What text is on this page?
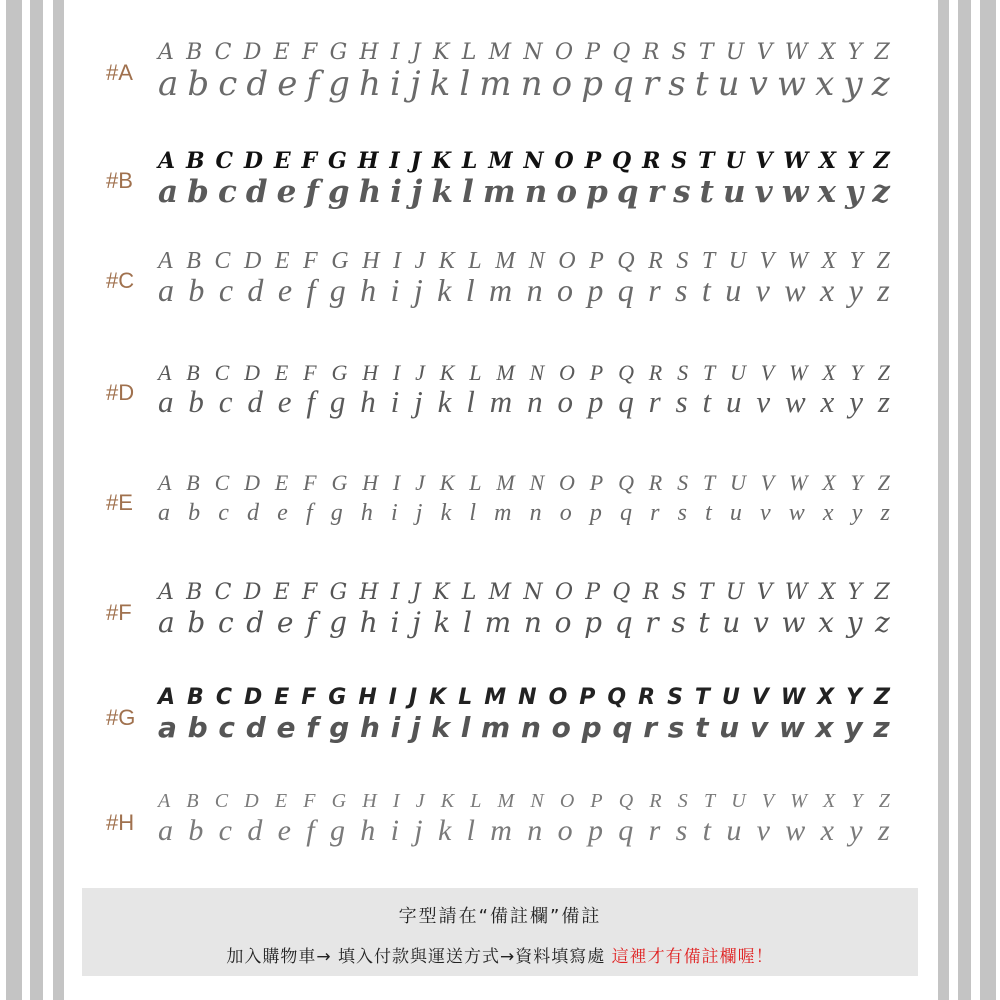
#A
A B C D E F G H I J K L M N O P Q R S T U V W X Y Z
a b c d e f g h i j k l m n o p q r s t u v w x y z
#B
A B C D E F G H I J K L M N O P Q R S T U V W X Y Z
a b c d e f g h i j k l m n o p q r s t u v w x y z
#C
A B C D E F G H I J K L M N O P Q R S T U V W X Y Z
a b c d e f g h i j k l m n o p q r s t u v w x y z
#D
A B C D E F G H I J K L M N O P Q R S T U V W X Y Z
a b c d e f g h i j k l m n o p q r s t u v w x y z
#E
A B C D E F G H I J K L M N O P Q R S T U V W X Y Z
a b c d e f g h i j k l m n o p q r s t u v w x y z
#F
A B C D E F G H I J K L M N O P Q R S T U V W X Y Z
a b c d e f g h i j k l m n o p q r s t u v w x y z
#G
A B C D E F G H I J K L M N O P Q R S T U V W X Y Z
a b c d e f g h i j k l m n o p q r s t u v w x y z
#H
A B C D E F G H I J K L M N O P Q R S T U V W X Y Z
a b c d e f g h i j k l m n o p q r s t u v w x y z
字型請在“備註欄”備註
加入購物車→ 填入付款與運送方式→資料填寫處 這裡才有備註欄喔！
